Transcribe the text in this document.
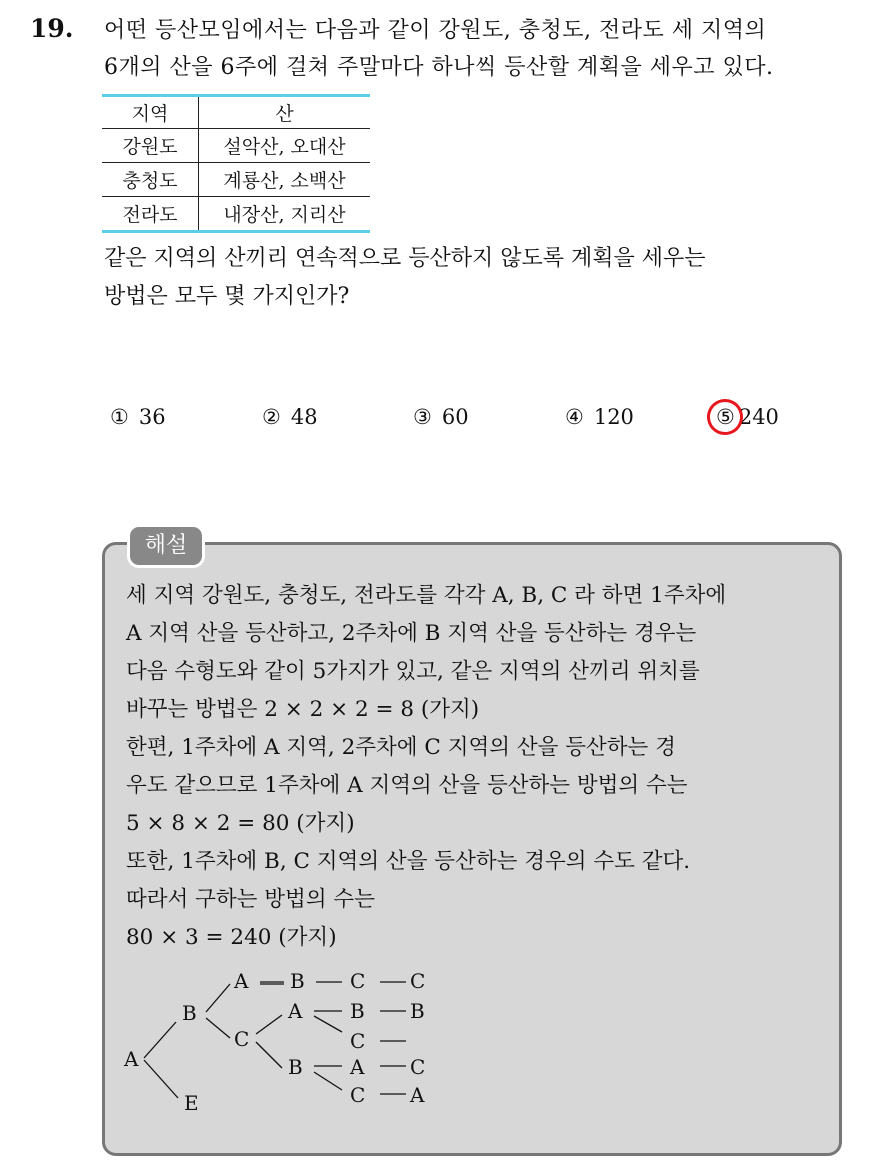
19. 어떤 등산모임에서는 다음과 같이 강원도, 충청도, 전라도 세 지역의
6개의 산을 6주에 걸쳐 주말마다 하나씩 등산할 계획을 세우고 있다.
지역	산
강원도	설악산, 오대산
충청도	계룡산, 소백산
전라도	내장산, 지리산
같은 지역의 산끼리 연속적으로 등산하지 않도록 계획을 세우는
방법은 모두 몇 가지인가?
① 36	② 48	③ 60	④ 120	⑤ 240
해설
세 지역 강원도, 충청도, 전라도를 각각 A, B, C 라 하면 1주차에
A 지역 산을 등산하고, 2주차에 B 지역 산을 등산하는 경우는
다음 수형도와 같이 5가지가 있고, 같은 지역의 산끼리 위치를
바꾸는 방법은 2 × 2 × 2 = 8 (가지)
한편, 1주차에 A 지역, 2주차에 C 지역의 산을 등산하는 경
우도 같으므로 1주차에 A 지역의 산을 등산하는 방법의 수는
5 × 8 × 2 = 80 (가지)
또한, 1주차에 B, C 지역의 산을 등산하는 경우의 수도 같다.
따라서 구하는 방법의 수는
80 × 3 = 240 (가지)
A
B
E
A
C
B C
A B
C
B A
C
B
C
C
A
